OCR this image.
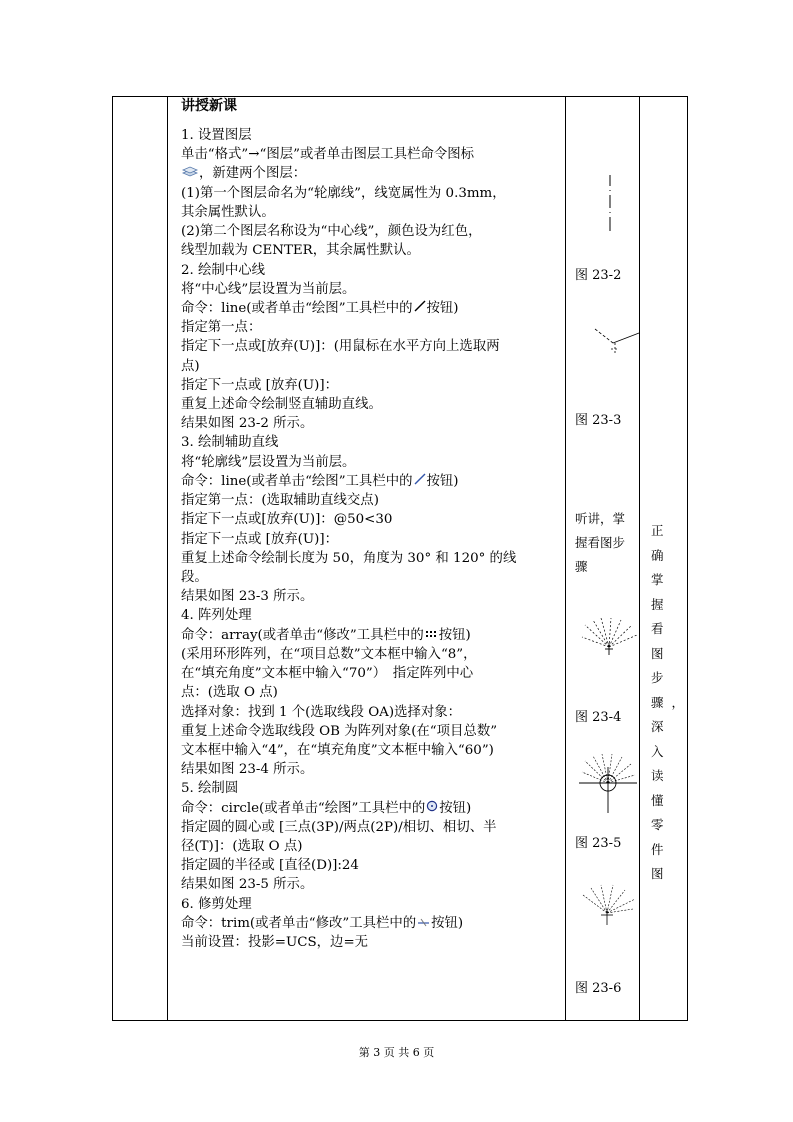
讲授新课
1. 设置图层
单击“格式”→“图层”或者单击图层工具栏命令图标
，新建两个图层：
(1)第一个图层命名为“轮廓线”，线宽属性为 0.3mm，
其余属性默认。
(2)第二个图层名称设为“中心线”，颜色设为红色，
线型加载为 CENTER，其余属性默认。
2. 绘制中心线
将“中心线”层设置为当前层。
命令：line(或者单击“绘图”工具栏中的 按钮)
指定第一点：
指定下一点或[放弃(U)]：(用鼠标在水平方向上选取两
点)
指定下一点或 [放弃(U)]：
重复上述命令绘制竖直辅助直线。
结果如图 23-2 所示。
3. 绘制辅助直线
将“轮廓线”层设置为当前层。
命令：line(或者单击“绘图”工具栏中的 按钮)
指定第一点：(选取辅助直线交点)
指定下一点或[放弃(U)]：@50<30
指定下一点或 [放弃(U)]：
重复上述命令绘制长度为 50，角度为 30° 和 120° 的线
段。
结果如图 23-3 所示。
4. 阵列处理
命令：array(或者单击“修改”工具栏中的 按钮)
(采用环形阵列，在“项目总数”文本框中输入“8”，
在“填充角度”文本框中输入“70”）　指定阵列中心
点：(选取 O 点)
选择对象：找到 1 个(选取线段 OA)选择对象：
重复上述命令选取线段 OB 为阵列对象(在“项目总数”
文本框中输入“4”，在“填充角度”文本框中输入“60”)
结果如图 23-4 所示。
5. 绘制圆
命令：circle(或者单击“绘图”工具栏中的 按钮)
指定圆的圆心或 [三点(3P)/两点(2P)/相切、相切、半
径(T)]：(选取 O 点)
指定圆的半径或 [直径(D)]:24
结果如图 23-5 所示。
6. 修剪处理
命令：trim(或者单击“修改”工具栏中的 按钮)
当前设置：投影=UCS，边=无
图 23-2
图 23-3
听讲，掌握看图步骤
图 23-4
图 23-5
图 23-6
正确掌握看图步骤，深入读懂零件图
第 3 页 共 6 页
